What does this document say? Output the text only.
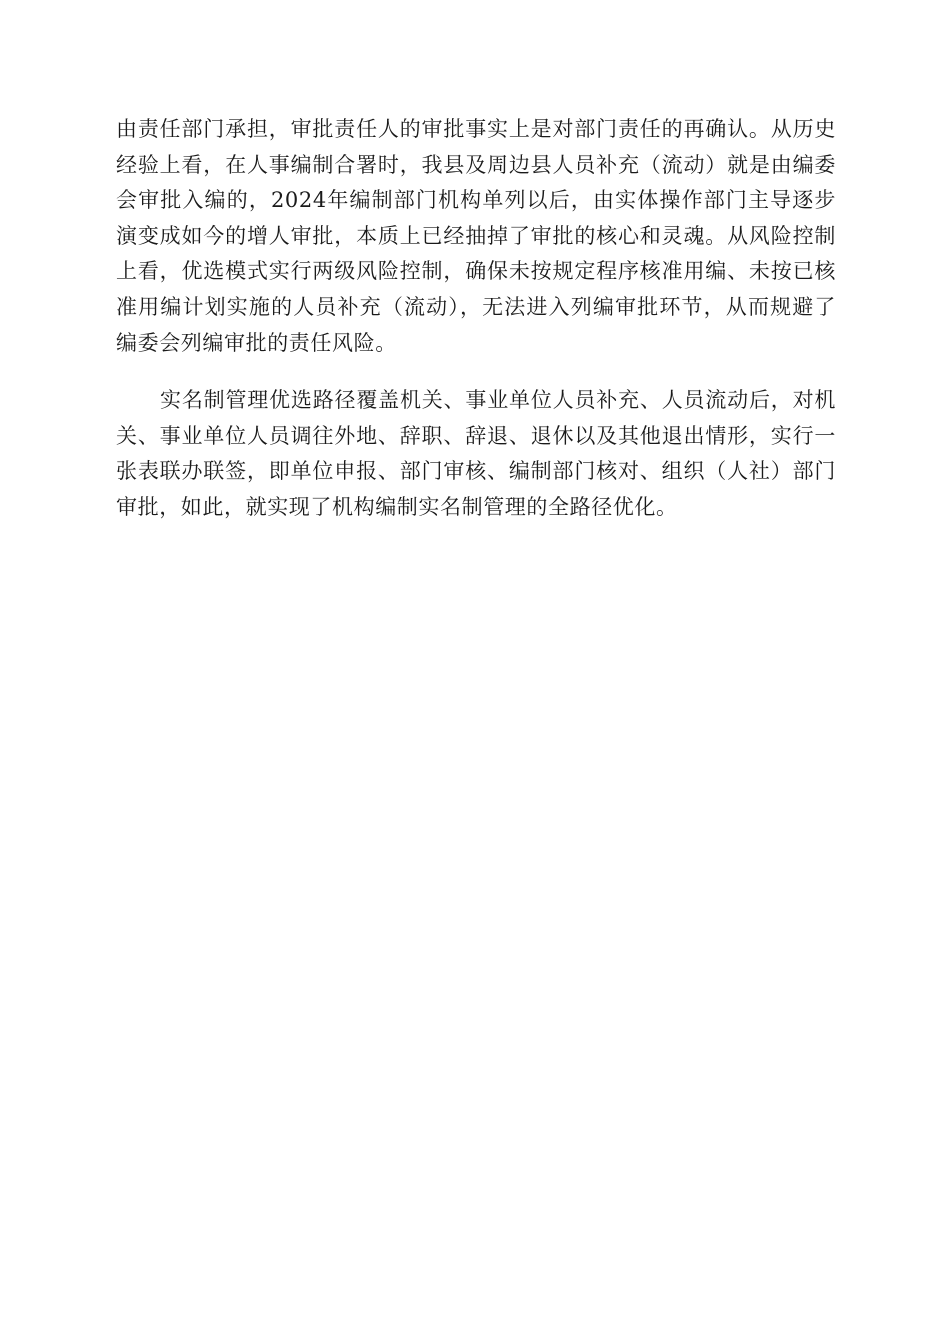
由责任部门承担，审批责任人的审批事实上是对部门责任的再确认。从历史经验上看，在人事编制合署时，我县及周边县人员补充（流动）就是由编委会审批入编的，2024年编制部门机构单列以后，由实体操作部门主导逐步演变成如今的增人审批，本质上已经抽掉了审批的核心和灵魂。从风险控制上看，优选模式实行两级风险控制，确保未按规定程序核准用编、未按已核准用编计划实施的人员补充（流动），无法进入列编审批环节，从而规避了编委会列编审批的责任风险。

实名制管理优选路径覆盖机关、事业单位人员补充、人员流动后，对机关、事业单位人员调往外地、辞职、辞退、退休以及其他退出情形，实行一张表联办联签，即单位申报、部门审核、编制部门核对、组织（人社）部门审批，如此，就实现了机构编制实名制管理的全路径优化。
